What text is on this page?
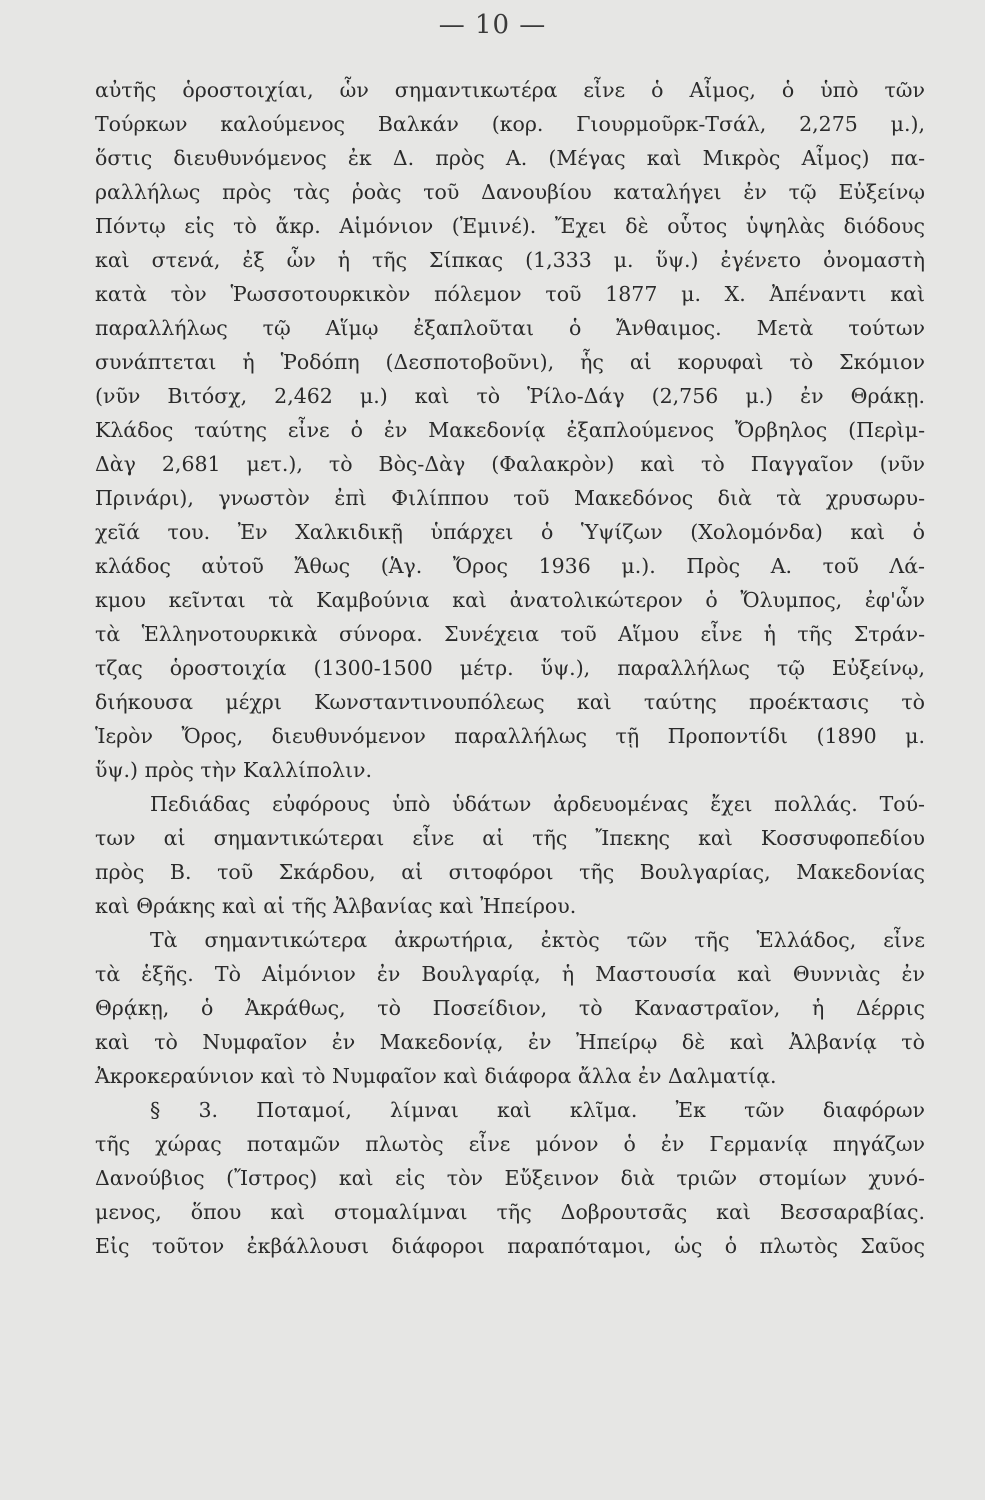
— 10 —
αὐτῆς ὁροστοιχίαι, ὧν σημαντικωτέρα εἶνε ὁ Αἶμος, ὁ ὑπὸ τῶν
Τούρκων καλούμενος Βαλκάν (κορ. Γιουρμοῦρκ-Τσάλ, 2,275 μ.),
ὅστις διευθυνόμενος ἐκ Δ. πρὸς Α. (Μέγας καὶ Μικρὸς Αἶμος) πα-
ραλλήλως πρὸς τὰς ῥοὰς τοῦ Δανουβίου καταλήγει ἐν τῷ Εὐξείνῳ
Πόντῳ εἰς τὸ ἄκρ. Αἱμόνιον (Ἐμινέ). Ἔχει δὲ οὗτος ὑψηλὰς διόδους
καὶ στενά, ἐξ ὧν ἡ τῆς Σίπκας (1,333 μ. ὕψ.) ἐγένετο ὀνομαστὴ
κατὰ τὸν Ῥωσσοτουρκικὸν πόλεμον τοῦ 1877 μ. Χ. Ἀπέναντι καὶ
παραλλήλως τῷ Αἵμῳ ἐξαπλοῦται ὁ Ἄνθαιμος. Μετὰ τούτων
συνάπτεται ἡ Ῥοδόπη (Δεσποτοβοῦνι), ἧς αἱ κορυφαὶ τὸ Σκόμιον
(νῦν Βιτόσχ, 2,462 μ.) καὶ τὸ Ῥίλο-Δάγ (2,756 μ.) ἐν Θράκῃ.
Κλάδος ταύτης εἶνε ὁ ἐν Μακεδονίᾳ ἐξαπλούμενος Ὄρβηλος (Περὶμ-
Δὰγ 2,681 μετ.), τὸ Βὸς-Δὰγ (Φαλακρὸν) καὶ τὸ Παγγαῖον (νῦν
Πρινάρι), γνωστὸν ἐπὶ Φιλίππου τοῦ Μακεδόνος διὰ τὰ χρυσωρυ-
χεῖά του. Ἐν Χαλκιδικῇ ὑπάρχει ὁ Ὑψίζων (Χολομόνδα) καὶ ὁ
κλάδος αὐτοῦ Ἄθως (Ἁγ. Ὄρος 1936 μ.). Πρὸς Α. τοῦ Λά-
κμου κεῖνται τὰ Καμβούνια καὶ ἀνατολικώτερον ὁ Ὄλυμπος, ἐφ'ὧν
τὰ Ἑλληνοτουρκικὰ σύνορα. Συνέχεια τοῦ Αἵμου εἶνε ἡ τῆς Στράν-
τζας ὁροστοιχία (1300-1500 μέτρ. ὕψ.), παραλλήλως τῷ Εὐξείνῳ,
διήκουσα μέχρι Κωνσταντινουπόλεως καὶ ταύτης προέκτασις τὸ
Ἱερὸν Ὄρος, διευθυνόμενον παραλλήλως τῇ Προποντίδι (1890 μ.
ὕψ.) πρὸς τὴν Καλλίπολιν.
Πεδιάδας εὐφόρους ὑπὸ ὑδάτων ἀρδευομένας ἔχει πολλάς. Τού-
των αἱ σημαντικώτεραι εἶνε αἱ τῆς Ἴπεκης καὶ Κοσσυφοπεδίου
πρὸς Β. τοῦ Σκάρδου, αἱ σιτοφόροι τῆς Βουλγαρίας, Μακεδονίας
καὶ Θράκης καὶ αἱ τῆς Ἀλβανίας καὶ Ἠπείρου.
Τὰ σημαντικώτερα ἀκρωτήρια, ἐκτὸς τῶν τῆς Ἑλλάδος, εἶνε
τὰ ἑξῆς. Τὸ Αἱμόνιον ἐν Βουλγαρίᾳ, ἡ Μαστουσία καὶ Θυννιὰς ἐν
Θρᾴκῃ, ὁ Ἀκράθως, τὸ Ποσείδιον, τὸ Καναστραῖον, ἡ Δέρρις
καὶ τὸ Νυμφαῖον ἐν Μακεδονίᾳ, ἐν Ἠπείρῳ δὲ καὶ Ἀλβανίᾳ τὸ
Ἀκροκεραύνιον καὶ τὸ Νυμφαῖον καὶ διάφορα ἄλλα ἐν Δαλματίᾳ.
§ 3. Ποταμοί, λίμναι καὶ κλῖμα. Ἐκ τῶν διαφόρων
τῆς χώρας ποταμῶν πλωτὸς εἶνε μόνον ὁ ἐν Γερμανίᾳ πηγάζων
Δανούβιος (Ἴστρος) καὶ εἰς τὸν Εὔξεινον διὰ τριῶν στομίων χυνό-
μενος, ὅπου καὶ στομαλίμναι τῆς Δοβρουτσᾶς καὶ Βεσσαραβίας.
Εἰς τοῦτον ἐκβάλλουσι διάφοροι παραπόταμοι, ὡς ὁ πλωτὸς Σαῦος
